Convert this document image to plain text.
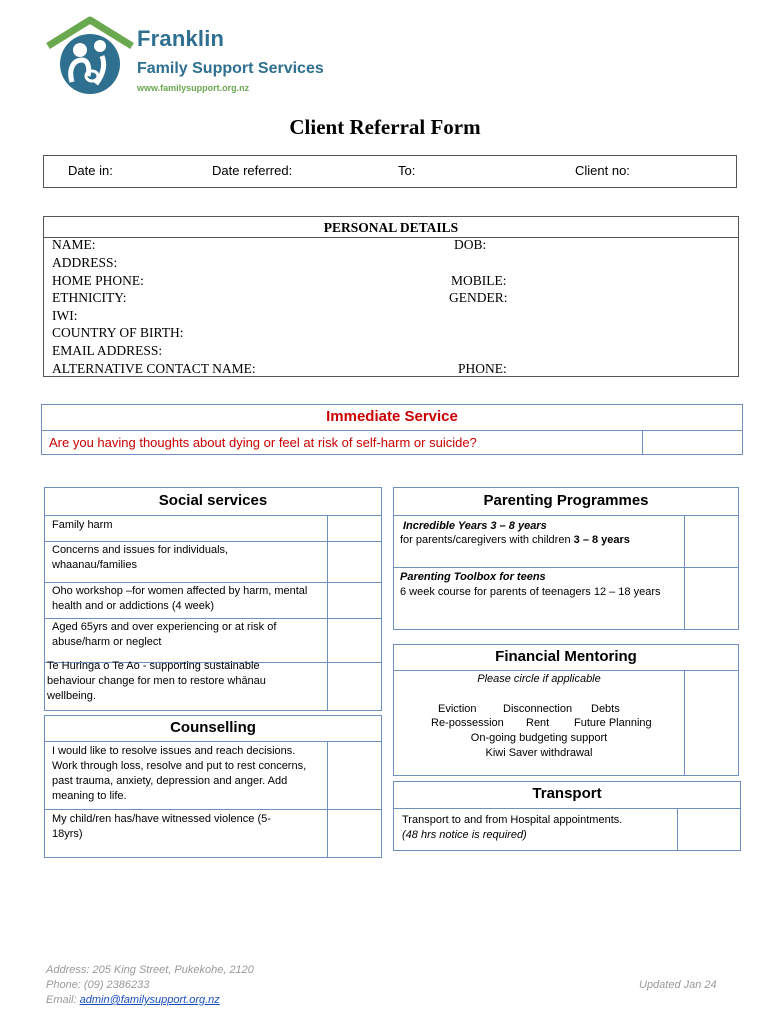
Franklin
Family Support Services
www.familysupport.org.nz
Client Referral Form
Date in:	Date referred:	To:	Client no:
PERSONAL DETAILS
NAME:	DOB:
ADDRESS:
HOME PHONE:	MOBILE:
ETHNICITY:	GENDER:
IWI:
COUNTRY OF BIRTH:
EMAIL ADDRESS:
ALTERNATIVE CONTACT NAME:	PHONE:
Immediate Service
Are you having thoughts about dying or feel at risk of self-harm or suicide?
Social services
Family harm
Concerns and issues for individuals, whaanau/families
Oho workshop –for women affected by harm, mental health and or addictions (4 week)
Aged 65yrs and over experiencing or at risk of abuse/harm or neglect
Te Huringa o Te Ao - supporting sustainable behaviour change for men to restore whānau wellbeing.
Counselling
I would like to resolve issues and reach decisions. Work through loss, resolve and put to rest concerns, past trauma, anxiety, depression and anger. Add meaning to life.
My child/ren has/have witnessed violence (5-18yrs)
Parenting Programmes
Incredible Years 3 – 8 years
for parents/caregivers with children 3 – 8 years
Parenting Toolbox for teens
6 week course for parents of teenagers 12 – 18 years
Financial Mentoring
Please circle if applicable
Eviction Disconnection Debts
Re-possession Rent Future Planning
On-going budgeting support
Kiwi Saver withdrawal
Transport
Transport to and from Hospital appointments.
(48 hrs notice is required)
Address: 205 King Street, Pukekohe, 2120
Phone: (09) 2386233
Email: admin@familysupport.org.nz
Updated Jan 24
